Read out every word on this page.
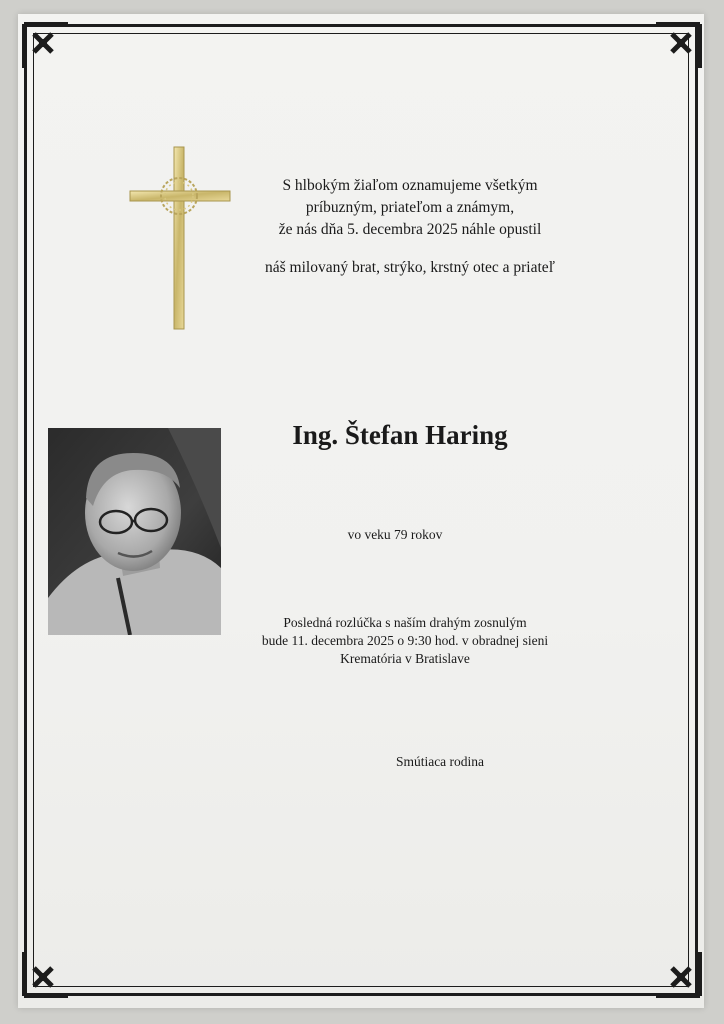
S hlbokým žiaľom oznamujeme všetkým
príbuzným, priateľom a známym,
že nás dňa 5. decembra 2025 náhle opustil
náš milovaný brat, strýko, krstný otec a priateľ
Ing. Štefan Haring
vo veku 79 rokov
Posledná rozlúčka s naším drahým zosnulým
bude 11. decembra 2025 o 9:30 hod. v obradnej sieni
Krematória v Bratislave
Smútiaca rodina
